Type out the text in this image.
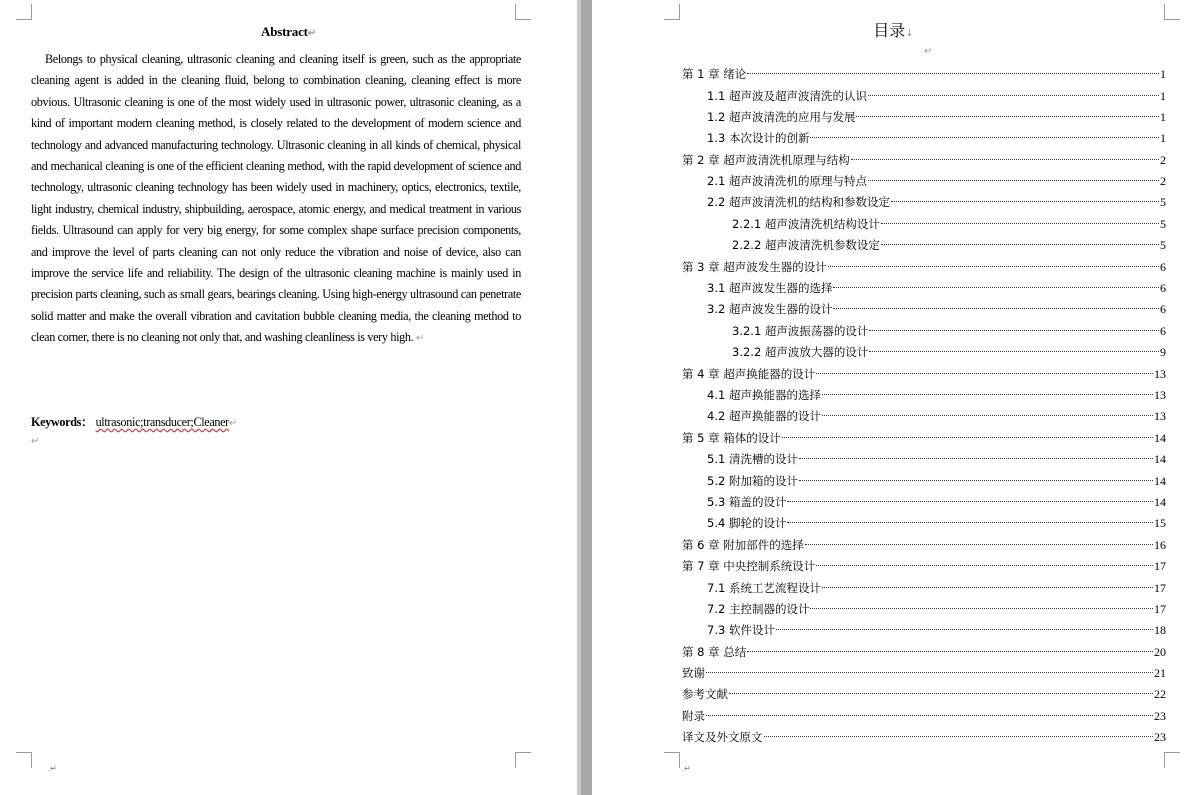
Abstract↵

Belongs to physical cleaning, ultrasonic cleaning and cleaning itself is green, such as the appropriate cleaning agent is added in the cleaning fluid, belong to combination cleaning, cleaning effect is more obvious. Ultrasonic cleaning is one of the most widely used in ultrasonic power, ultrasonic cleaning, as a kind of important modern cleaning method, is closely related to the development of modern science and technology and advanced manufacturing technology. Ultrasonic cleaning in all kinds of chemical, physical and mechanical cleaning is one of the efficient cleaning method, with the rapid development of science and technology, ultrasonic cleaning technology has been widely used in machinery, optics, electronics, textile, light industry, chemical industry, shipbuilding, aerospace, atomic energy, and medical treatment in various fields. Ultrasound can apply for very big energy, for some complex shape surface precision components, and improve the level of parts cleaning can not only reduce the vibration and noise of device, also can improve the service life and reliability. The design of the ultrasonic cleaning machine is mainly used in precision parts cleaning, such as small gears, bearings cleaning. Using high-energy ultrasound can penetrate solid matter and make the overall vibration and cavitation bubble cleaning media, the cleaning method to clean corner, there is no cleaning not only that, and washing cleanliness is very high. ↵

Keywords： ultrasonic;transducer;Cleaner↵
↵
.↵
目录↓
↵
第 1 章 绪论	1
1.1 超声波及超声波清洗的认识	1
1.2 超声波清洗的应用与发展	1
1.3 本次设计的创新	1
第 2 章 超声波清洗机原理与结构	2
2.1 超声波清洗机的原理与特点	2
2.2 超声波清洗机的结构和参数设定	5
2.2.1 超声波清洗机结构设计	5
2.2.2 超声波清洗机参数设定	5
第 3 章 超声波发生器的设计	6
3.1 超声波发生器的选择	6
3.2 超声波发生器的设计	6
3.2.1 超声波振荡器的设计	6
3.2.2 超声波放大器的设计	9
第 4 章 超声换能器的设计	13
4.1 超声换能器的选择	13
4.2 超声换能器的设计	13
第 5 章 箱体的设计	14
5.1 清洗槽的设计	14
5.2 附加箱的设计	14
5.3 箱盖的设计	14
5.4 脚轮的设计	15
第 6 章 附加部件的选择	16
第 7 章 中央控制系统设计	17
7.1 系统工艺流程设计	17
7.2 主控制器的设计	17
7.3 软件设计	18
第 8 章 总结	20
致谢	21
参考文献	22
附录	23
译文及外文原文	23
.↵
